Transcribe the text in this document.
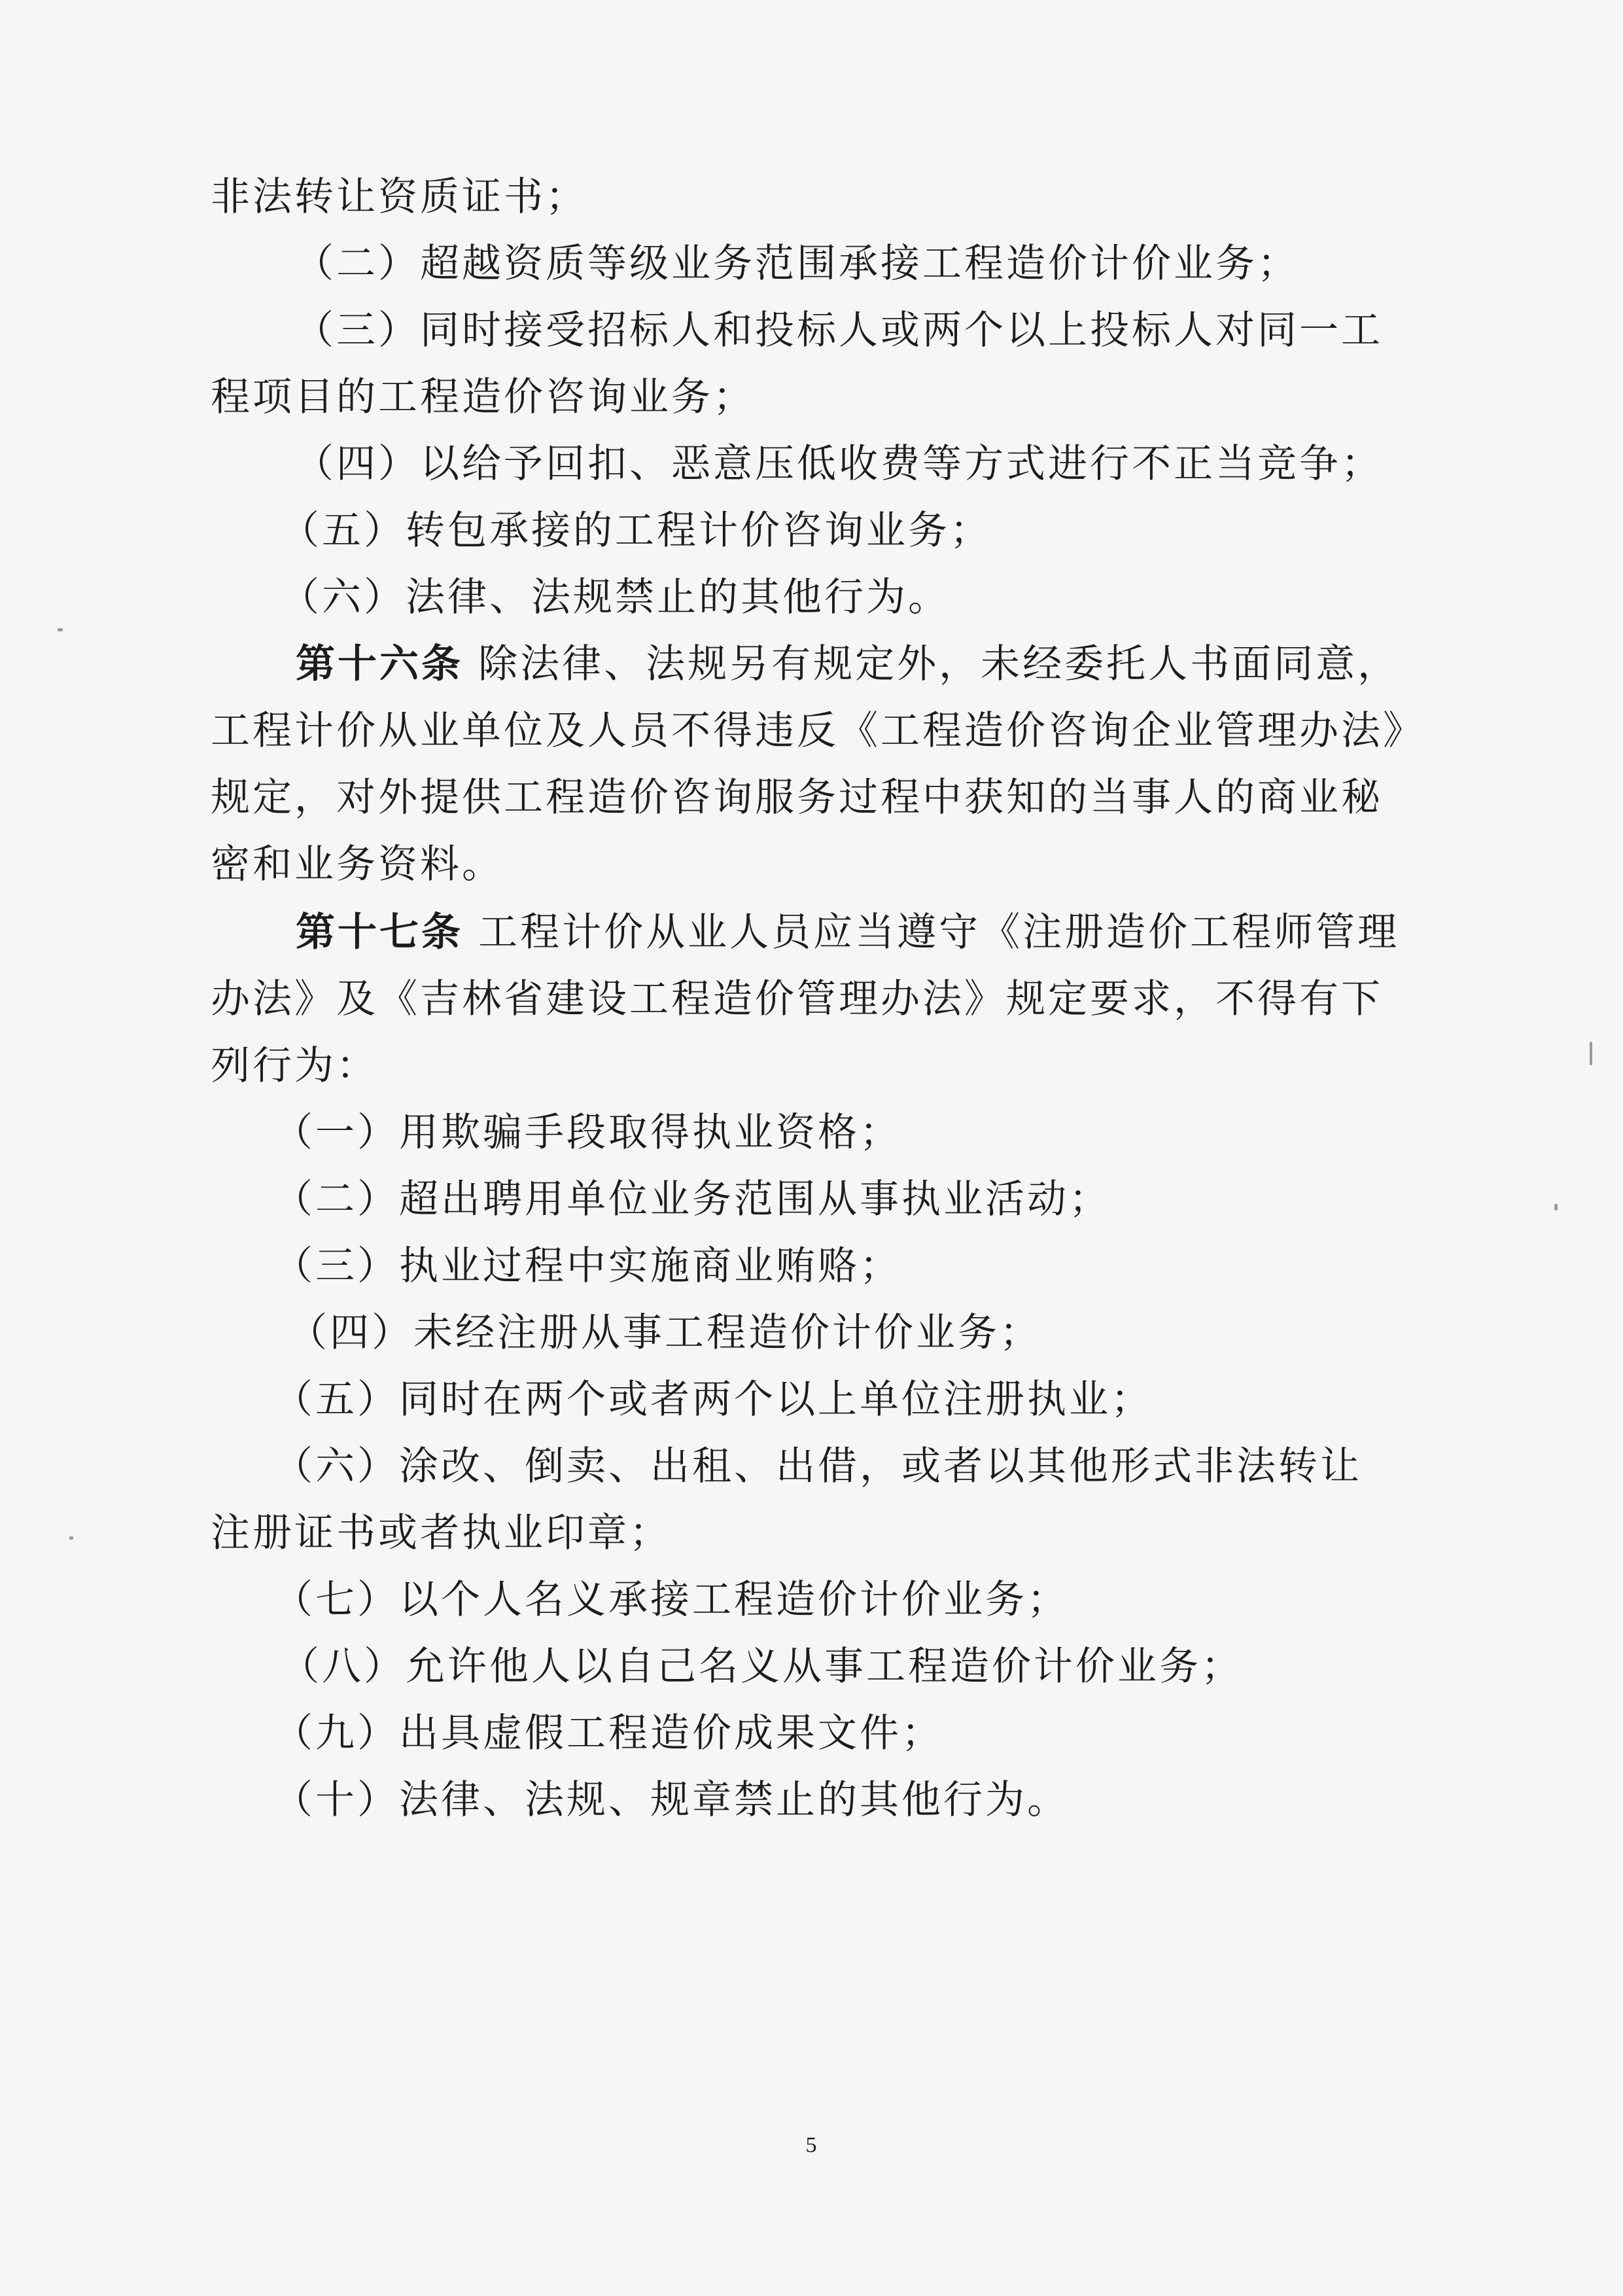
非法转让资质证书；
（二）超越资质等级业务范围承接工程造价计价业务；
（三）同时接受招标人和投标人或两个以上投标人对同一工
程项目的工程造价咨询业务；
（四）以给予回扣、恶意压低收费等方式进行不正当竞争；
（五）转包承接的工程计价咨询业务；
（六）法律、法规禁止的其他行为。
第十六条 除法律、法规另有规定外，未经委托人书面同意，
工程计价从业单位及人员不得违反《工程造价咨询企业管理办法》
规定，对外提供工程造价咨询服务过程中获知的当事人的商业秘
密和业务资料。
第十七条 工程计价从业人员应当遵守《注册造价工程师管理
办法》及《吉林省建设工程造价管理办法》规定要求，不得有下
列行为：
（一）用欺骗手段取得执业资格；
（二）超出聘用单位业务范围从事执业活动；
（三）执业过程中实施商业贿赂；
（四）未经注册从事工程造价计价业务；
（五）同时在两个或者两个以上单位注册执业；
（六）涂改、倒卖、出租、出借，或者以其他形式非法转让
注册证书或者执业印章；
（七）以个人名义承接工程造价计价业务；
（八）允许他人以自己名义从事工程造价计价业务；
（九）出具虚假工程造价成果文件；
（十）法律、法规、规章禁止的其他行为。
5
